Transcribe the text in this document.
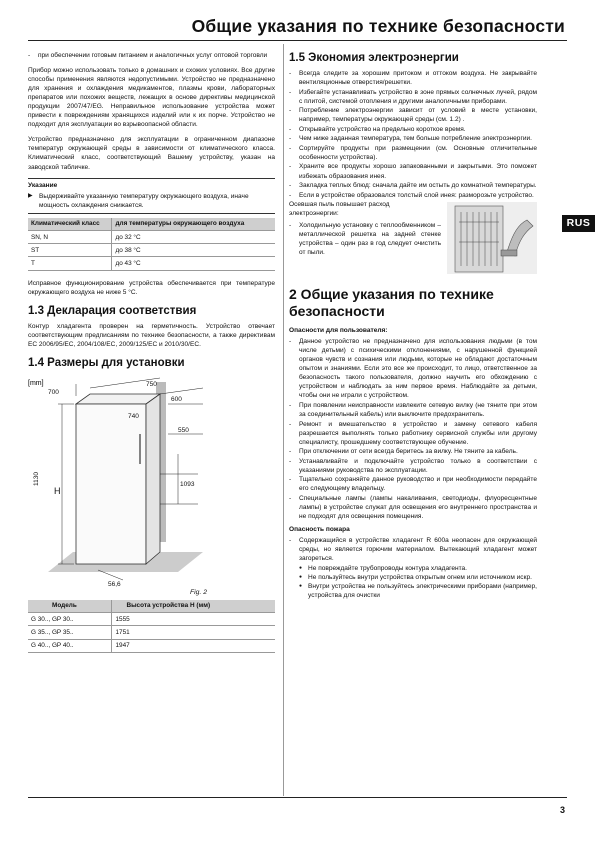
Общие указания по технике безопасности
RUS
- при обеспечении готовым питанием и аналогичных услуг оптовой торговли

Прибор можно использовать только в домашних и схожих условиях. Все другие способы применения являются недопустимыми. Устройство не предназначено для хранения и охлаждения медикаментов, плазмы крови, лабораторных препаратов или похожих веществ, лежащих в основе директивы медицинской продукции 2007/47/EG. Неправильное использование устройства может привести к повреждениям хранящихся изделий или к их порче. Устройство не подходит для эксплуатации во взрывоопасной области.

Устройство предназначено для эксплуатации в ограниченном диапазоне температур окружающей среды в зависимости от климатического класса. Климатический класс, соответствующий Вашему устройству, указан на заводской табличке.

Указание
▶ Выдерживайте указанную температуру окружающего воздуха, иначе мощность охлаждения снижается.
Климатический класс	для температуры окружающего воздуха
SN, N	до 32 °C
ST	до 38 °C
T	до 43 °C

Исправное функционирование устройства обеспечивается при температуре окружающего воздуха не ниже 5 °C.

1.3 Декларация соответствия

Контур хладагента проверен на герметичность. Устройство отвечает соответствующим предписаниям по технике безопасности, а также директивам EC 2006/95/EC, 2004/108/EC, 2009/125/EC и 2010/30/EC.

1.4 Размеры для установки
[mm]
700
1130
750
600
740
550
1093
56,6
H
Fig. 2
Модель	Высота устройства H (мм)
G 30.., GP 30..	1555
G 35.., GP 35..	1751
G 40.., GP 40..	1947
1.5 Экономия электроэнергии
- Всегда следите за хорошим притоком и оттоком воздуха. Не закрывайте вентиляционные отверстия/решетки.
- Избегайте устанавливать устройство в зоне прямых солнечных лучей, рядом с плитой, системой отопления и другими аналогичными приборами.
- Потребление электроэнергии зависит от условий в месте установки, например, температуры окружающей среды (см. 1.2) .
- Открывайте устройство на предельно короткое время.
- Чем ниже заданная температура, тем больше потребление электроэнергии.
- Сортируйте продукты при размещении (см. Основные отличительные особенности устройства).
- Храните все продукты хорошо запакованными и закрытыми. Это поможет избежать образования инея.
- Закладка теплых блюд: сначала дайте им остыть до комнатной температуры.
- Если в устройстве образовался толстый слой инея: разморозьте устройство.
Осевшая пыль повышает расход электроэнергии:
- Холодильную установку с теплообменником – металлической решетка на задней стенке устройства – один раз в год следует очистить от пыли.
2 Общие указания по технике безопасности
Опасности для пользователя:
- Данное устройство не предназначено для использования людьми (в том числе детьми) с психическими отклонениями, с нарушенной функцией органов чувств и сознания или людьми, которые не обладают достаточным опытом и знаниями. Если это все же происходит, то лицо, ответственное за безопасность такого пользователя, должно научить его обхождению с устройством и наблюдать за ним первое время. Наблюдайте за детьми, чтобы они не играли с устройством.
- При появлении неисправности извлеките сетевую вилку (не тяните при этом за соединительный кабель) или выключите предохранитель.
- Ремонт и вмешательство в устройство и замену сетевого кабеля разрешается выполнять только работнику сервисной службы или другому специалисту, прошедшему соответствующее обучение.
- При отключении от сети всегда беритесь за вилку. Не тяните за кабель.
- Устанавливайте и подключайте устройство только в соответствии с указаниями руководства по эксплуатации.
- Тщательно сохраняйте данное руководство и при необходимости передайте его следующему владельцу.
- Специальные лампы (лампы накаливания, светодиоды, флуоресцентные лампы) в устройстве служат для освещения его внутреннего пространства и не подходят для освещения помещения.
Опасность пожара
- Содержащийся в устройстве хладагент R 600a неопасен для окружающей среды, но является горючим материалом. Вытекающий хладагент может загореться.
● Не повреждайте трубопроводы контура хладагента.
● Не пользуйтесь внутри устройства открытым огнем или источником искр.
● Внутри устройства не пользуйтесь электрическими приборами (например, устройства для очистки
3
